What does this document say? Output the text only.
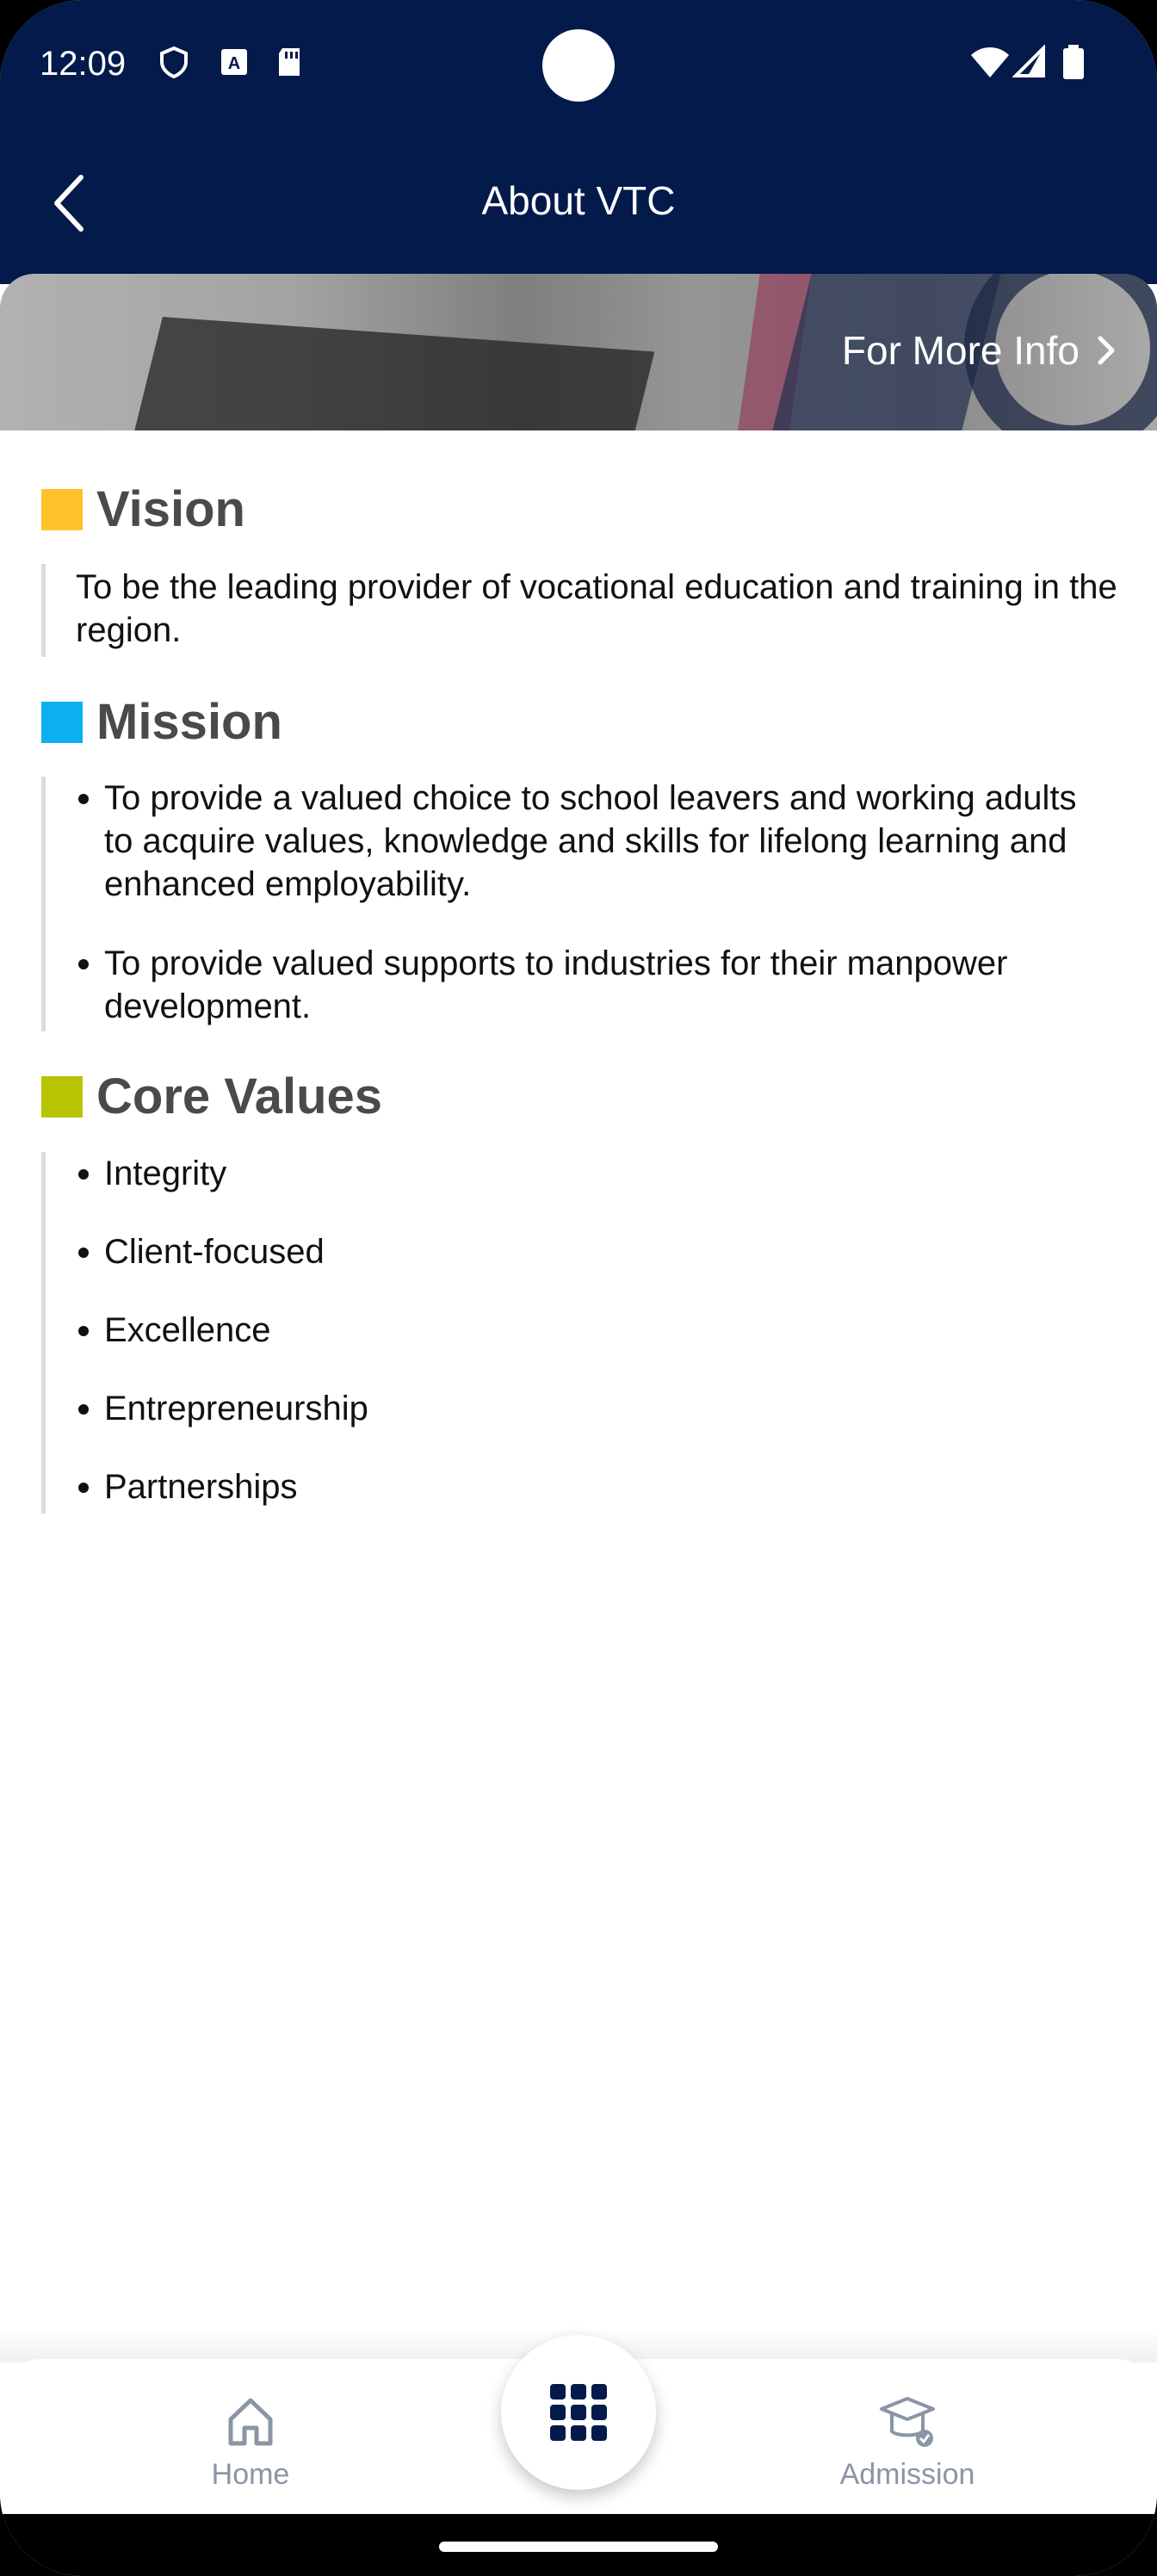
12:09	A
About VTC
For More Info
Vision
To be the leading provider of vocational education and training in the region.
Mission
To provide a valued choice to school leavers and working adults to acquire values, knowledge and skills for lifelong learning and enhanced employability.
To provide valued supports to industries for their manpower development.
Core Values
Integrity
Client-focused
Excellence
Entrepreneurship
Partnerships
Home	Admission
